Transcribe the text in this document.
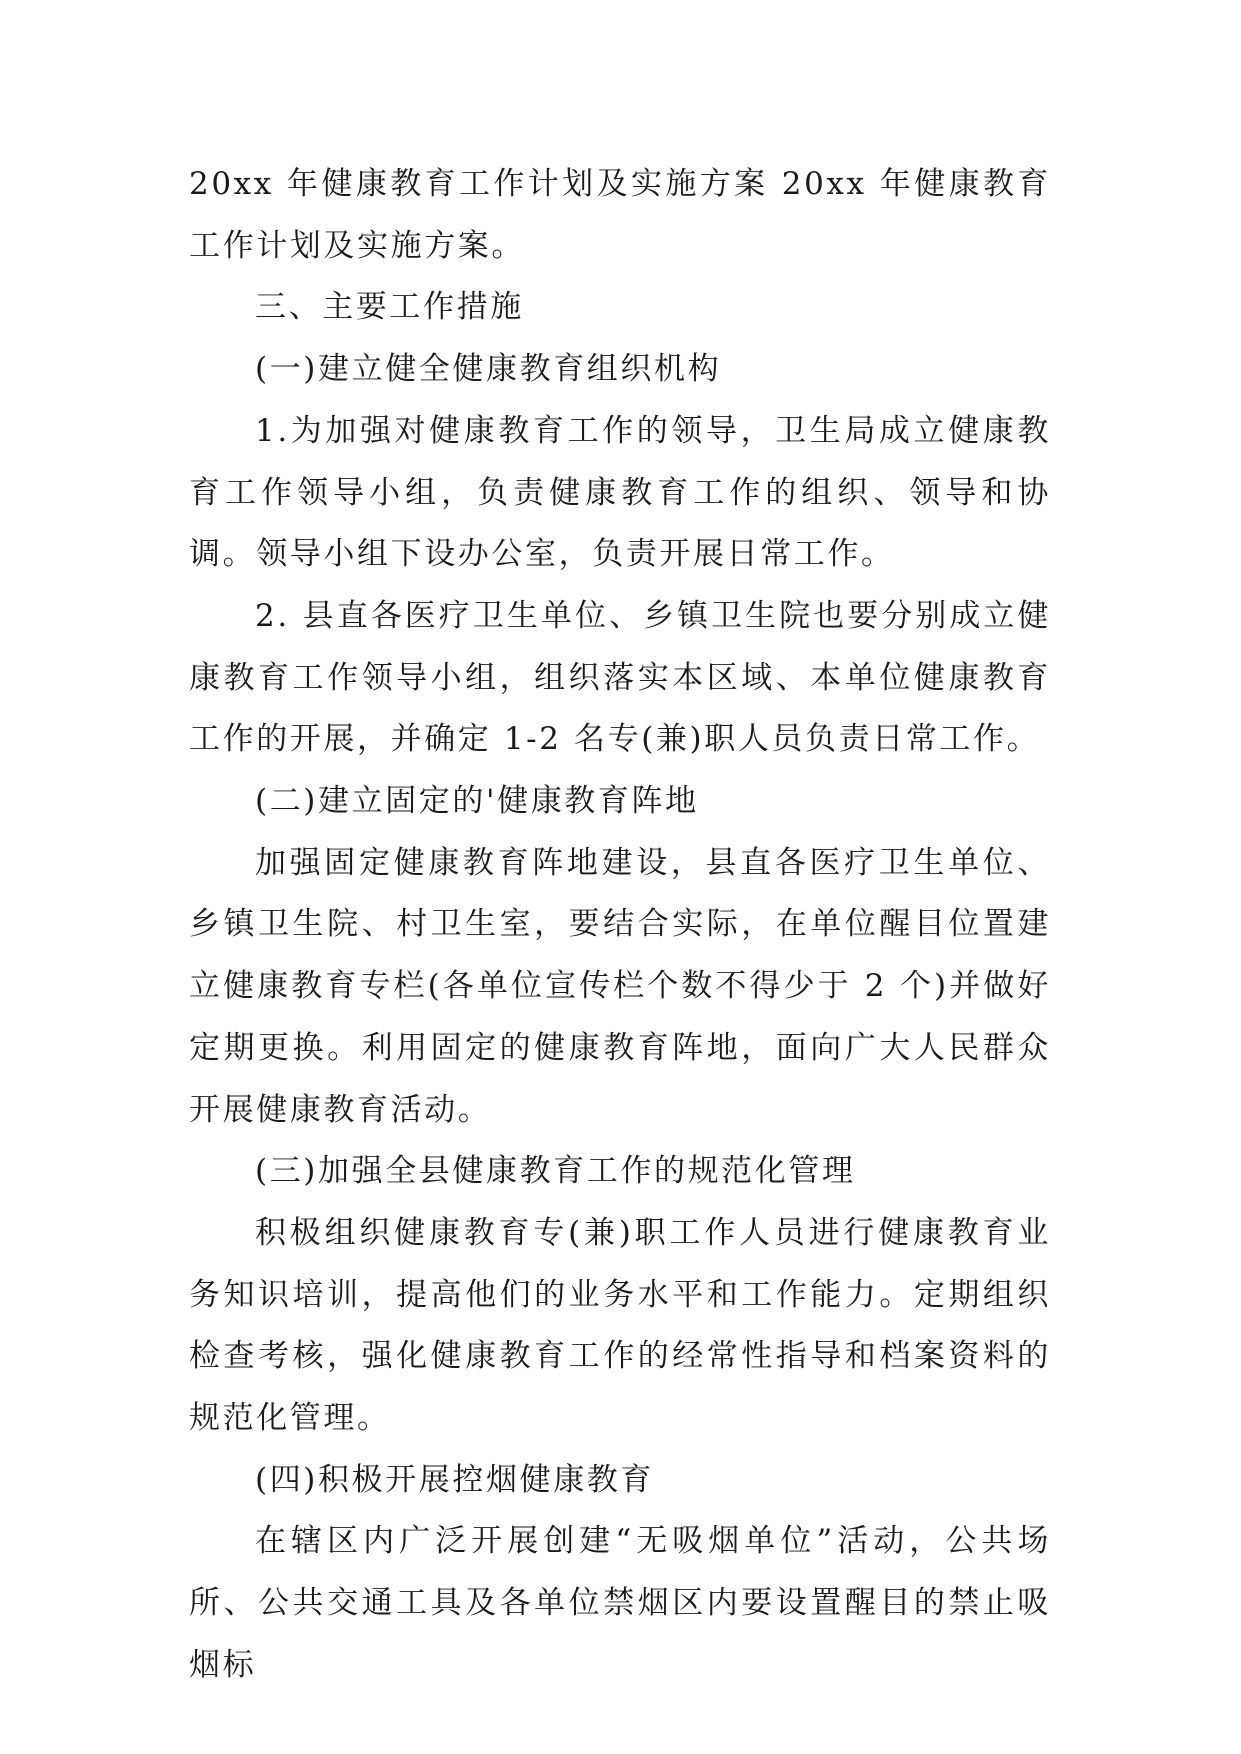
20xx 年健康教育工作计划及实施方案 20xx 年健康教育工作计划及实施方案。

三、主要工作措施

(一)建立健全健康教育组织机构

1.为加强对健康教育工作的领导，卫生局成立健康教育工作领导小组，负责健康教育工作的组织、领导和协调。领导小组下设办公室，负责开展日常工作。

2. 县直各医疗卫生单位、乡镇卫生院也要分别成立健康教育工作领导小组，组织落实本区域、本单位健康教育工作的开展，并确定 1-2 名专(兼)职人员负责日常工作。

(二)建立固定的'健康教育阵地

加强固定健康教育阵地建设，县直各医疗卫生单位、乡镇卫生院、村卫生室，要结合实际，在单位醒目位置建立健康教育专栏(各单位宣传栏个数不得少于 2 个)并做好定期更换。利用固定的健康教育阵地，面向广大人民群众开展健康教育活动。

(三)加强全县健康教育工作的规范化管理

积极组织健康教育专(兼)职工作人员进行健康教育业务知识培训，提高他们的业务水平和工作能力。定期组织检查考核，强化健康教育工作的经常性指导和档案资料的规范化管理。

(四)积极开展控烟健康教育

在辖区内广泛开展创建“无吸烟单位”活动，公共场所、公共交通工具及各单位禁烟区内要设置醒目的禁止吸烟标
